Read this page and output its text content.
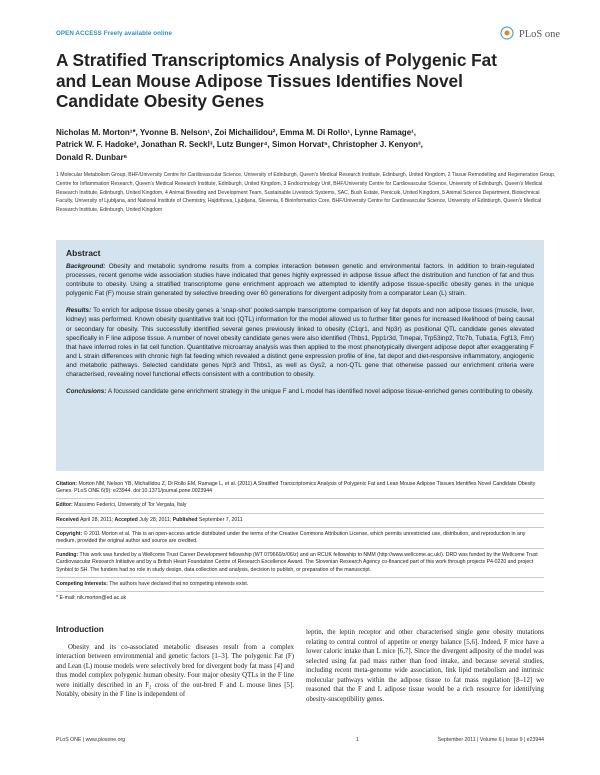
OPEN ACCESS Freely available online	PLoS one
A Stratified Transcriptomics Analysis of Polygenic Fat and Lean Mouse Adipose Tissues Identifies Novel Candidate Obesity Genes
Nicholas M. Morton¹*, Yvonne B. Nelson¹, Zoi Michailidou², Emma M. Di Rollo¹, Lynne Ramage¹,
Patrick W. F. Hadoke³, Jonathan R. Seckl³, Lutz Bunger⁴, Simon Horvat⁵, Christopher J. Kenyon³,
Donald R. Dunbar⁶
1 Molecular Metabolism Group, BHF/University Centre for Cardiovascular Science, University of Edinburgh, Queen's Medical Research Institute, Edinburgh, United Kingdom, 2 Tissue Remodelling and Regeneration Group, Centre for Inflammation Research, Queen's Medical Research Institute, Edinburgh, United Kingdom, 3 Endocrinology Unit, BHF/University Centre for Cardiovascular Science, University of Edinburgh, Queen's Medical Research Institute, Edinburgh, United Kingdom, 4 Animal Breeding and Development Team, Sustainable Livestock Systems, SAC, Bush Estate, Penicuik, United Kingdom, 5 Animal Science Department, Biotechnical Faculty, University of Ljubljana, and National Institute of Chemistry, Hajdrihova, Ljubljana, Slovenia, 6 Bioinformatics Core, BHF/University Centre for Cardiovascular Science, University of Edinburgh, Queen's Medical Research Institute, Edinburgh, United Kingdom
Abstract

Background: Obesity and metabolic syndrome results from a complex interaction between genetic and environmental factors. In addition to brain-regulated processes, recent genome wide association studies have indicated that genes highly expressed in adipose tissue affect the distribution and function of fat and thus contribute to obesity. Using a stratified transcriptome gene enrichment approach we attempted to identify adipose tissue-specific obesity genes in the unique polygenic Fat (F) mouse strain generated by selective breeding over 60 generations for divergent adiposity from a comparator Lean (L) strain.

Results: To enrich for adipose tissue obesity genes a 'snap-shot' pooled-sample transcriptome comparison of key fat depots and non adipose tissues (muscle, liver, kidney) was performed. Known obesity quantitative trait loci (QTL) information for the model allowed us to further filter genes for increased likelihood of being causal or secondary for obesity. This successfully identified several genes previously linked to obesity (C1qr1, and Np3r) as positional QTL candidate genes elevated specifically in F line adipose tissue. A number of novel obesity candidate genes were also identified (Thbs1, Ppp1r3d, Tmepai, Trp53inp2, Ttc7b, Tuba1a, Fgf13, Fmr) that have inferred roles in fat cell function. Quantitative microarray analysis was then applied to the most phenotypically divergent adipose depot after exaggerating F and L strain differences with chronic high fat feeding which revealed a distinct gene expression profile of line, fat depot and diet-responsive inflammatory, angiogenic and metabolic pathways. Selected candidate genes Npr3 and Thbs1, as well as Gys2, a non-QTL gene that otherwise passed our enrichment criteria were characterised, revealing novel functional effects consistent with a contribution to obesity.

Conclusions: A focussed candidate gene enrichment strategy in the unique F and L model has identified novel adipose tissue-enriched genes contributing to obesity.

Citation: Morton NM, Nelson YB, Michailidou Z, Di Rollo EM, Ramage L, et al. (2011) A Stratified Transcriptomics Analysis of Polygenic Fat and Lean Mouse Adipose Tissues Identifies Novel Candidate Obesity Genes. PLoS ONE 6(9): e23944. doi:10.1371/journal.pone.0023944
Editor: Massimo Federici, University of Tor Vergata, Italy
Received April 28, 2011; Accepted July 28, 2011; Published September 7, 2011
Copyright: © 2011 Morton et al. This is an open-access article distributed under the terms of the Creative Commons Attribution License, which permits unrestricted use, distribution, and reproduction in any medium, provided the original author and source are credited.
Funding: This work was funded by a Wellcome Trust Career Development fellowship (WT 079660/z/06/z) and an RCUK fellowship to NMM (http://www.wellcome.ac.uk/). DRD was funded by the Wellcome Trust Cardiovascular Research Initiative and by a British Heart Foundation Centre of Research Excellence Award. The Slovenian Research Agency co-financed part of this work through projects P4-0220 and project Synbiol to SH. The funders had no role in study design, data collection and analysis, decision to publish, or preparation of the manuscript.
Competing Interests: The authors have declared that no competing interests exist.
* E-mail: nik.morton@ed.ac.uk
Introduction

Obesity and its co-associated metabolic diseases result from a complex interaction between environmental and genetic factors [1–3]. The polygenic Fat (F) and Lean (L) mouse models were selectively bred for divergent body fat mass [4] and thus model complex polygenic human obesity. Four major obesity QTLs in the F line were initially described in an F₂ cross of the out-bred F and L mouse lines [5]. Notably, obesity in the F line is independent of

leptin, the leptin receptor and other characterised single gene obesity mutations relating to central control of appetite or energy balance [5,6]. Indeed, F mice have a lower caloric intake than L mice [6,7]. Since the divergent adiposity of the model was selected using fat pad mass rather than food intake, and because several studies, including recent meta-genome wide association, link lipid metabolism and intrinsic molecular pathways within the adipose tissue to fat mass regulation [8–12] we reasoned that the F and L adipose tissue would be a rich resource for identifying obesity-susceptibility genes.

PLoS ONE | www.plosone.org	1	September 2011 | Volume 6 | Issue 9 | e23944
